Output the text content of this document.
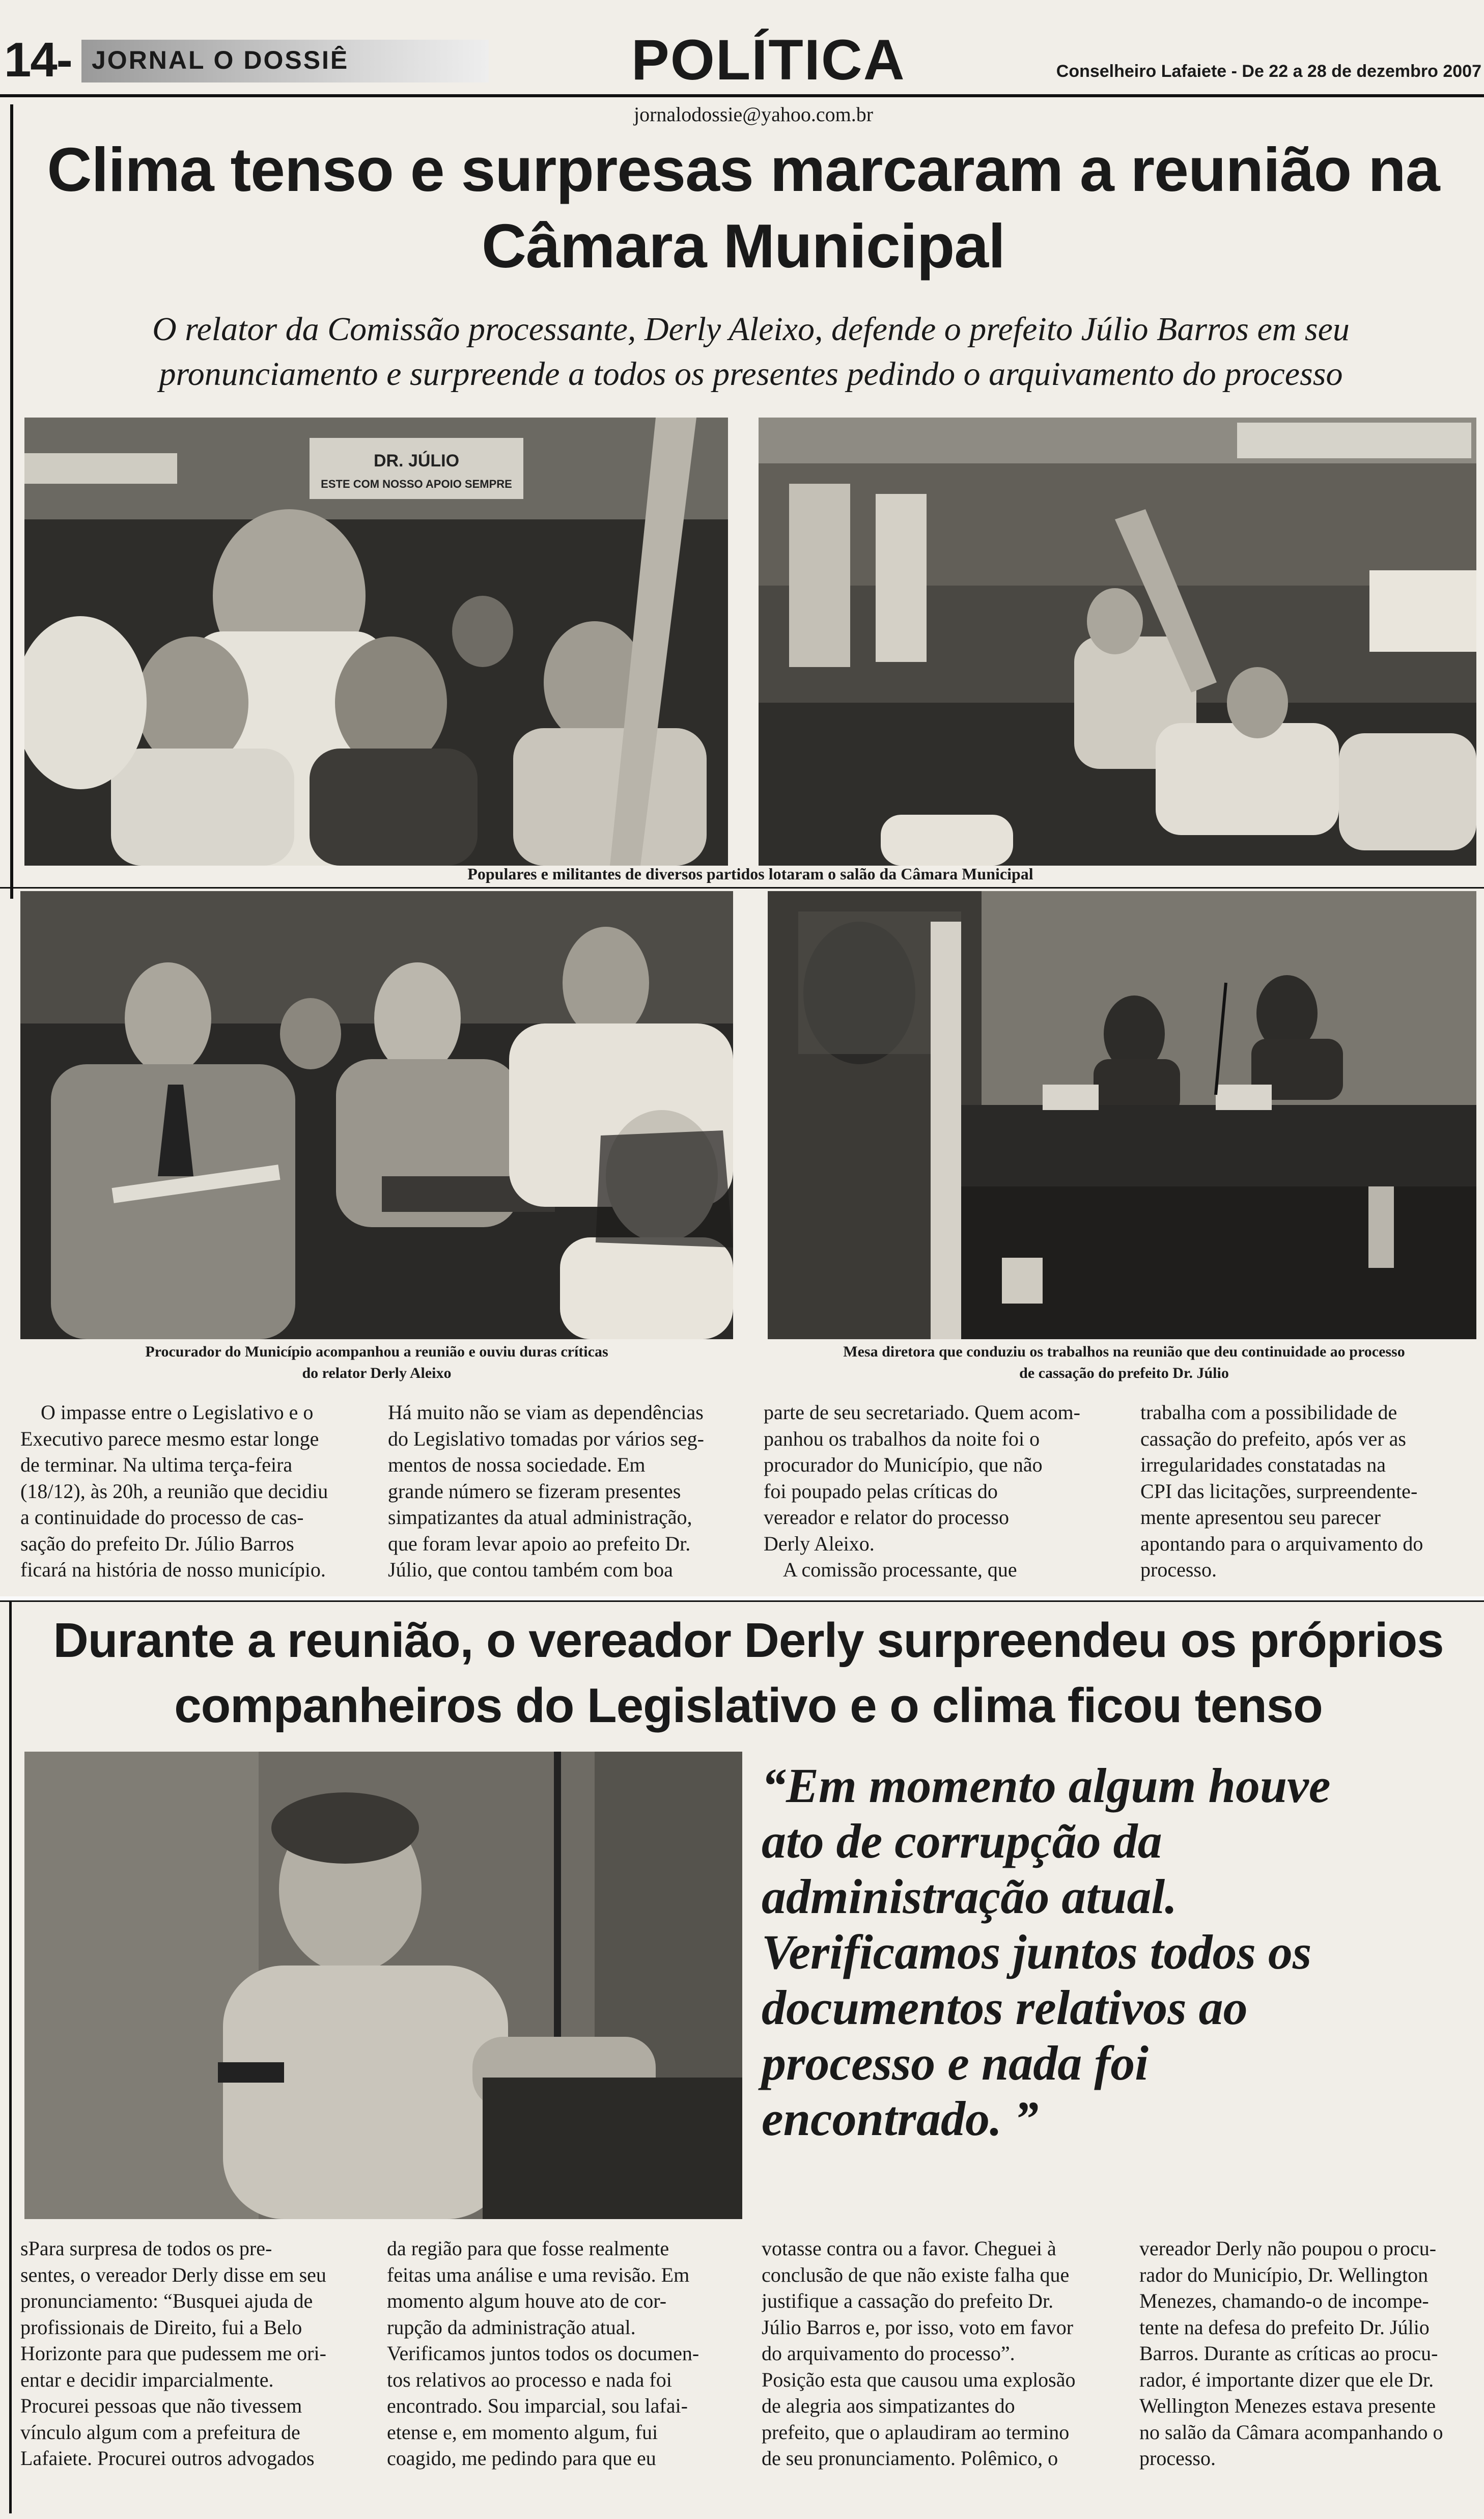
14- JORNAL O DOSSIÊ	POLÍTICA	Conselheiro Lafaiete - De 22 a 28 de dezembro 2007
jornalodossie@yahoo.com.br
Clima tenso e surpresas marcaram a reunião na
Câmara Municipal
O relator da Comissão processante, Derly Aleixo, defende o prefeito Júlio Barros em seu
pronunciamento e surpreende a todos os presentes pedindo o arquivamento do processo
DR. JÚLIO
ESTE COM NOSSO APOIO SEMPRE
Populares e militantes de diversos partidos lotaram o salão da Câmara Municipal
Procurador do Município acompanhou a reunião e ouviu duras críticas
do relator Derly Aleixo
Mesa diretora que conduziu os trabalhos na reunião que deu continuidade ao processo
de cassação do prefeito Dr. Júlio
O impasse entre o Legislativo e o
Executivo parece mesmo estar longe
de terminar. Na ultima terça-feira
(18/12), às 20h, a reunião que decidiu
a continuidade do processo de cas-
sação do prefeito Dr. Júlio Barros
ficará na história de nosso município.
Há muito não se viam as dependências
do Legislativo tomadas por vários seg-
mentos de nossa sociedade. Em
grande número se fizeram presentes
simpatizantes da atual administração,
que foram levar apoio ao prefeito Dr.
Júlio, que contou também com boa
parte de seu secretariado. Quem acom-
panhou os trabalhos da noite foi o
procurador do Município, que não
foi poupado pelas críticas do
vereador e relator do processo
Derly Aleixo.
A comissão processante, que
trabalha com a possibilidade de
cassação do prefeito, após ver as
irregularidades constatadas na
CPI das licitações, surpreendente-
mente apresentou seu parecer
apontando para o arquivamento do
processo.
Durante a reunião, o vereador Derly surpreendeu os próprios
companheiros do Legislativo e o clima ficou tenso
“Em momento algum houve
ato de corrupção da
administração atual.
Verificamos juntos todos os
documentos relativos ao
processo e nada foi
encontrado. ”
sPara surpresa de todos os pre-
sentes, o vereador Derly disse em seu
pronunciamento: “Busquei ajuda de
profissionais de Direito, fui a Belo
Horizonte para que pudessem me ori-
entar e decidir imparcialmente.
Procurei pessoas que não tivessem
vínculo algum com a prefeitura de
Lafaiete. Procurei outros advogados
da região para que fosse realmente
feitas uma análise e uma revisão. Em
momento algum houve ato de cor-
rupção da administração atual.
Verificamos juntos todos os documen-
tos relativos ao processo e nada foi
encontrado. Sou imparcial, sou lafai-
etense e, em momento algum, fui
coagido, me pedindo para que eu
votasse contra ou a favor. Cheguei à
conclusão de que não existe falha que
justifique a cassação do prefeito Dr.
Júlio Barros e, por isso, voto em favor
do arquivamento do processo”.
Posição esta que causou uma explosão
de alegria aos simpatizantes do
prefeito, que o aplaudiram ao termino
de seu pronunciamento. Polêmico, o
vereador Derly não poupou o procu-
rador do Município, Dr. Wellington
Menezes, chamando-o de incompe-
tente na defesa do prefeito Dr. Júlio
Barros. Durante as críticas ao procu-
rador, é importante dizer que ele Dr.
Wellington Menezes estava presente
no salão da Câmara acompanhando o
processo.
